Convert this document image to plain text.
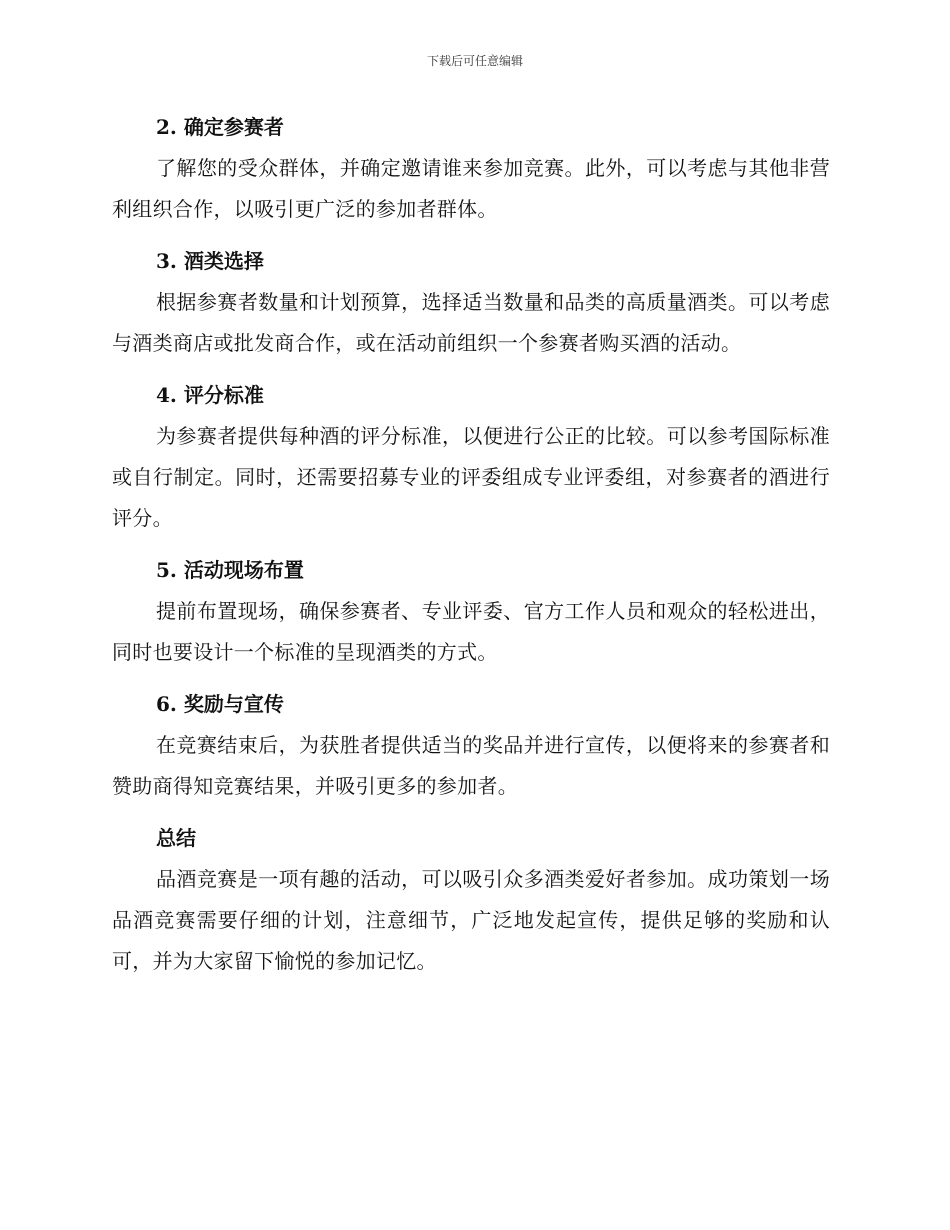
下载后可任意编辑
2. 确定参赛者

了解您的受众群体，并确定邀请谁来参加竞赛。此外，可以考虑与其他非营利组织合作，以吸引更广泛的参加者群体。

3. 酒类选择

根据参赛者数量和计划预算，选择适当数量和品类的高质量酒类。可以考虑与酒类商店或批发商合作，或在活动前组织一个参赛者购买酒的活动。

4. 评分标准

为参赛者提供每种酒的评分标准，以便进行公正的比较。可以参考国际标准或自行制定。同时，还需要招募专业的评委组成专业评委组，对参赛者的酒进行评分。

5. 活动现场布置

提前布置现场，确保参赛者、专业评委、官方工作人员和观众的轻松进出，同时也要设计一个标准的呈现酒类的方式。

6. 奖励与宣传

在竞赛结束后，为获胜者提供适当的奖品并进行宣传，以便将来的参赛者和赞助商得知竞赛结果，并吸引更多的参加者。

总结

品酒竞赛是一项有趣的活动，可以吸引众多酒类爱好者参加。成功策划一场品酒竞赛需要仔细的计划，注意细节，广泛地发起宣传，提供足够的奖励和认可，并为大家留下愉悦的参加记忆。
